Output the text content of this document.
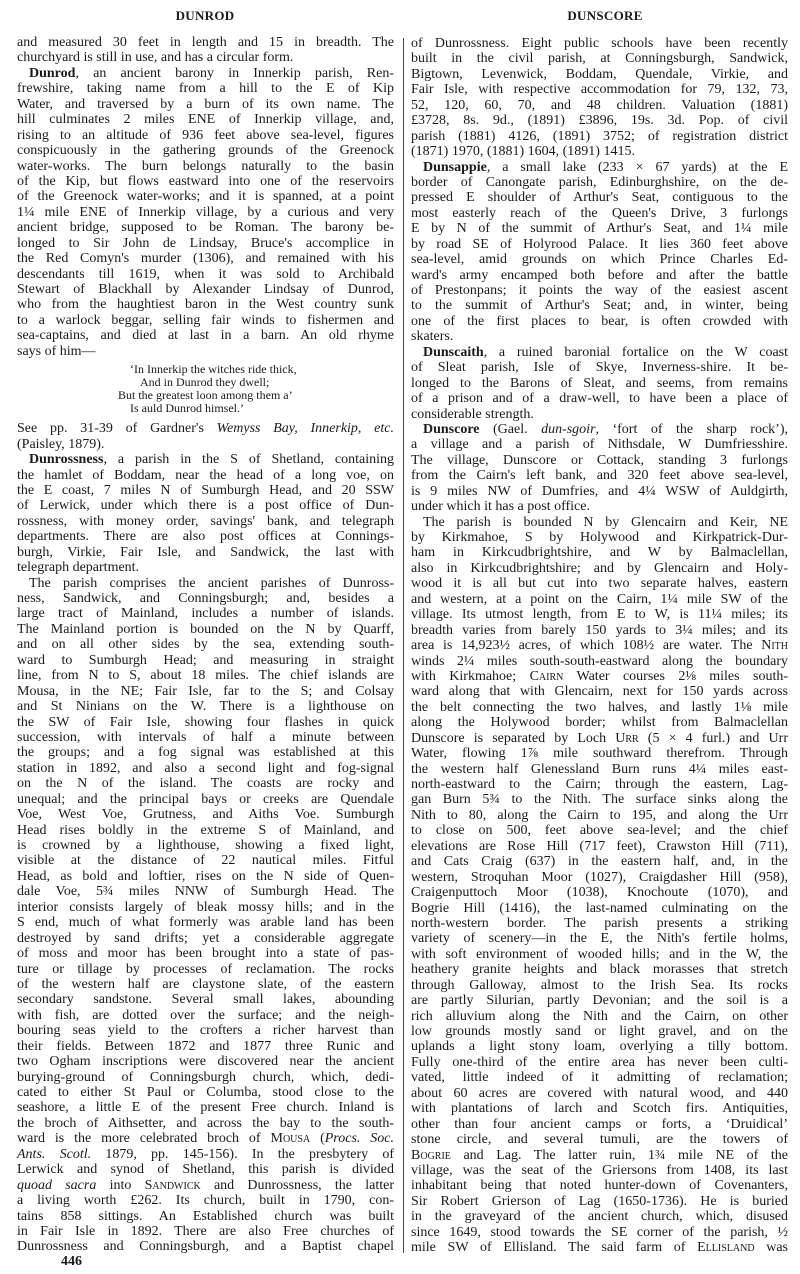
DUNROD	DUNSCORE
and measured 30 feet in length and 15 in breadth. The
churchyard is still in use, and has a circular form.
Dunrod, an ancient barony in Innerkip parish, Ren-
frewshire, taking name from a hill to the E of Kip
Water, and traversed by a burn of its own name. The
hill culminates 2 miles ENE of Innerkip village, and,
rising to an altitude of 936 feet above sea-level, figures
conspicuously in the gathering grounds of the Greenock
water-works. The burn belongs naturally to the basin
of the Kip, but flows eastward into one of the reservoirs
of the Greenock water-works; and it is spanned, at a point
1¼ mile ENE of Innerkip village, by a curious and very
ancient bridge, supposed to be Roman. The barony be-
longed to Sir John de Lindsay, Bruce's accomplice in
the Red Comyn's murder (1306), and remained with his
descendants till 1619, when it was sold to Archibald
Stewart of Blackhall by Alexander Lindsay of Dunrod,
who from the haughtiest baron in the West country sunk
to a warlock beggar, selling fair winds to fishermen and
sea-captains, and died at last in a barn. An old rhyme
says of him—
‘In Innerkip the witches ride thick,
And in Dunrod they dwell;
But the greatest loon among them a’
Is auld Dunrod himsel.’
See pp. 31-39 of Gardner's Wemyss Bay, Innerkip, etc.
(Paisley, 1879).
Dunrossness, a parish in the S of Shetland, containing
the hamlet of Boddam, near the head of a long voe, on
the E coast, 7 miles N of Sumburgh Head, and 20 SSW
of Lerwick, under which there is a post office of Dun-
rossness, with money order, savings' bank, and telegraph
departments. There are also post offices at Connings-
burgh, Virkie, Fair Isle, and Sandwick, the last with
telegraph department.
The parish comprises the ancient parishes of Dunross-
ness, Sandwick, and Conningsburgh; and, besides a
large tract of Mainland, includes a number of islands.
The Mainland portion is bounded on the N by Quarff,
and on all other sides by the sea, extending south-
ward to Sumburgh Head; and measuring in straight
line, from N to S, about 18 miles. The chief islands are
Mousa, in the NE; Fair Isle, far to the S; and Colsay
and St Ninians on the W. There is a lighthouse on
the SW of Fair Isle, showing four flashes in quick
succession, with intervals of half a minute between
the groups; and a fog signal was established at this
station in 1892, and also a second light and fog-signal
on the N of the island. The coasts are rocky and
unequal; and the principal bays or creeks are Quendale
Voe, West Voe, Grutness, and Aiths Voe. Sumburgh
Head rises boldly in the extreme S of Mainland, and
is crowned by a lighthouse, showing a fixed light,
visible at the distance of 22 nautical miles. Fitful
Head, as bold and loftier, rises on the N side of Quen-
dale Voe, 5¾ miles NNW of Sumburgh Head. The
interior consists largely of bleak mossy hills; and in the
S end, much of what formerly was arable land has been
destroyed by sand drifts; yet a considerable aggregate
of moss and moor has been brought into a state of pas-
ture or tillage by processes of reclamation. The rocks
of the western half are claystone slate, of the eastern
secondary sandstone. Several small lakes, abounding
with fish, are dotted over the surface; and the neigh-
bouring seas yield to the crofters a richer harvest than
their fields. Between 1872 and 1877 three Runic and
two Ogham inscriptions were discovered near the ancient
burying-ground of Conningsburgh church, which, dedi-
cated to either St Paul or Columba, stood close to the
seashore, a little E of the present Free church. Inland is
the broch of Aithsetter, and across the bay to the south-
ward is the more celebrated broch of Mousa (Procs. Soc.
Ants. Scotl. 1879, pp. 145-156). In the presbytery of
Lerwick and synod of Shetland, this parish is divided
quoad sacra into Sandwick and Dunrossness, the latter
a living worth £262. Its church, built in 1790, con-
tains 858 sittings. An Established church was built
in Fair Isle in 1892. There are also Free churches of
Dunrossness and Conningsburgh, and a Baptist chapel
of Dunrossness. Eight public schools have been recently
built in the civil parish, at Conningsburgh, Sandwick,
Bigtown, Levenwick, Boddam, Quendale, Virkie, and
Fair Isle, with respective accommodation for 79, 132, 73,
52, 120, 60, 70, and 48 children. Valuation (1881)
£3728, 8s. 9d., (1891) £3896, 19s. 3d. Pop. of civil
parish (1881) 4126, (1891) 3752; of registration district
(1871) 1970, (1881) 1604, (1891) 1415.
Dunsappie, a small lake (233 × 67 yards) at the E
border of Canongate parish, Edinburghshire, on the de-
pressed E shoulder of Arthur's Seat, contiguous to the
most easterly reach of the Queen's Drive, 3 furlongs
E by N of the summit of Arthur's Seat, and 1¼ mile
by road SE of Holyrood Palace. It lies 360 feet above
sea-level, amid grounds on which Prince Charles Ed-
ward's army encamped both before and after the battle
of Prestonpans; it points the way of the easiest ascent
to the summit of Arthur's Seat; and, in winter, being
one of the first places to bear, is often crowded with
skaters.
Dunscaith, a ruined baronial fortalice on the W coast
of Sleat parish, Isle of Skye, Inverness-shire. It be-
longed to the Barons of Sleat, and seems, from remains
of a prison and of a draw-well, to have been a place of
considerable strength.
Dunscore (Gael. dun-sgoir, ‘fort of the sharp rock’),
a village and a parish of Nithsdale, W Dumfriesshire.
The village, Dunscore or Cottack, standing 3 furlongs
from the Cairn's left bank, and 320 feet above sea-level,
is 9 miles NW of Dumfries, and 4¼ WSW of Auldgirth,
under which it has a post office.
The parish is bounded N by Glencairn and Keir, NE
by Kirkmahoe, S by Holywood and Kirkpatrick-Dur-
ham in Kirkcudbrightshire, and W by Balmaclellan,
also in Kirkcudbrightshire; and by Glencairn and Holy-
wood it is all but cut into two separate halves, eastern
and western, at a point on the Cairn, 1¼ mile SW of the
village. Its utmost length, from E to W, is 11¼ miles; its
breadth varies from barely 150 yards to 3¼ miles; and its
area is 14,923½ acres, of which 108½ are water. The Nith
winds 2¼ miles south-south-eastward along the boundary
with Kirkmahoe; Cairn Water courses 2⅛ miles south-
ward along that with Glencairn, next for 150 yards across
the belt connecting the two halves, and lastly 1⅛ mile
along the Holywood border; whilst from Balmaclellan
Dunscore is separated by Loch Urr (5 × 4 furl.) and Urr
Water, flowing 1⅞ mile southward therefrom. Through
the western half Glenessland Burn runs 4¼ miles east-
north-eastward to the Cairn; through the eastern, Lag-
gan Burn 5¾ to the Nith. The surface sinks along the
Nith to 80, along the Cairn to 195, and along the Urr
to close on 500, feet above sea-level; and the chief
elevations are Rose Hill (717 feet), Crawston Hill (711),
and Cats Craig (637) in the eastern half, and, in the
western, Stroquhan Moor (1027), Craigdasher Hill (958),
Craigenputtoch Moor (1038), Knochoute (1070), and
Bogrie Hill (1416), the last-named culminating on the
north-western border. The parish presents a striking
variety of scenery—in the E, the Nith's fertile holms,
with soft environment of wooded hills; and in the W, the
heathery granite heights and black morasses that stretch
through Galloway, almost to the Irish Sea. Its rocks
are partly Silurian, partly Devonian; and the soil is a
rich alluvium along the Nith and the Cairn, on other
low grounds mostly sand or light gravel, and on the
uplands a light stony loam, overlying a tilly bottom.
Fully one-third of the entire area has never been culti-
vated, little indeed of it admitting of reclamation;
about 60 acres are covered with natural wood, and 440
with plantations of larch and Scotch firs. Antiquities,
other than four ancient camps or forts, a ‘Druidical’
stone circle, and several tumuli, are the towers of
Bogrie and Lag. The latter ruin, 1¾ mile NE of the
village, was the seat of the Griersons from 1408, its last
inhabitant being that noted hunter-down of Covenanters,
Sir Robert Grierson of Lag (1650-1736). He is buried
in the graveyard of the ancient church, which, disused
since 1649, stood towards the SE corner of the parish, ½
mile SW of Ellisland. The said farm of Ellisland was
446
